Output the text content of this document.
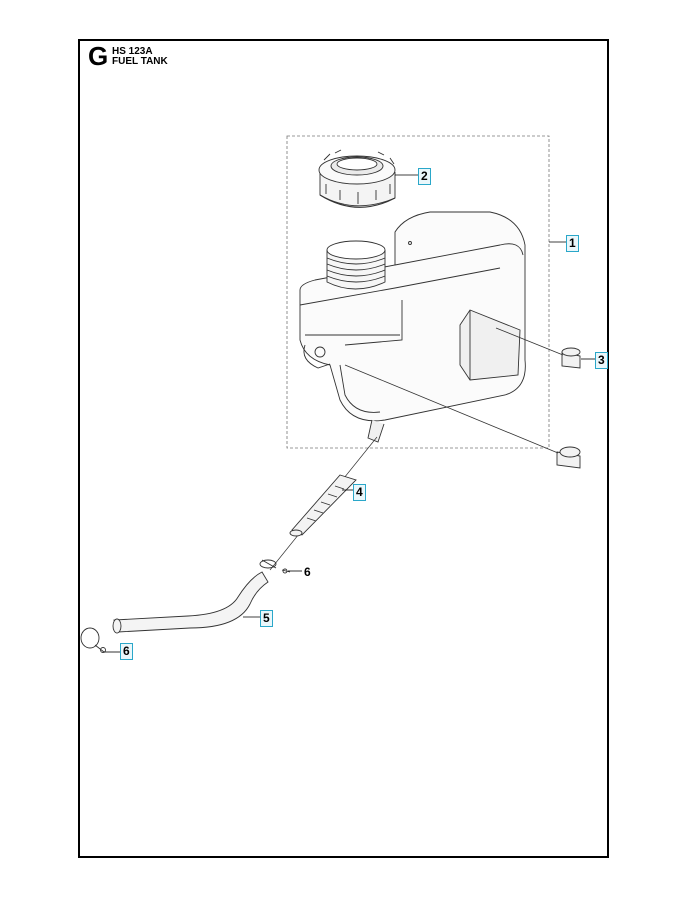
G HS 123A
FUEL TANK
1
2
3
4
5
6
6
